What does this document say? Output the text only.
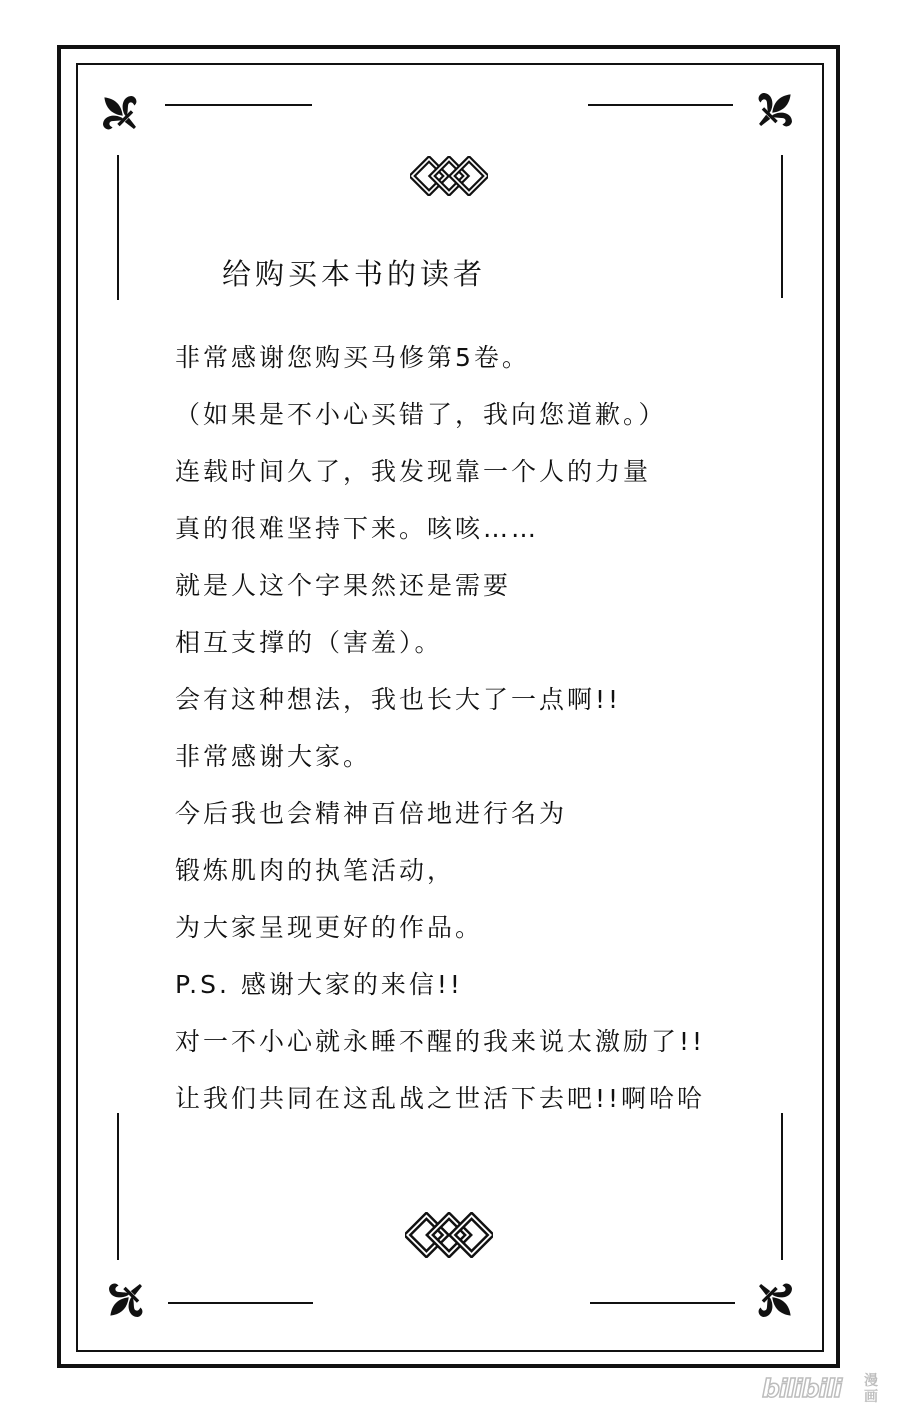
给购买本书的读者
非常感谢您购买马修第5卷。
（如果是不小心买错了，我向您道歉。）
连载时间久了，我发现靠一个人的力量
真的很难坚持下来。咳咳……
就是人这个字果然还是需要
相互支撑的（害羞）。
会有这种想法，我也长大了一点啊!!
非常感谢大家。
今后我也会精神百倍地进行名为
锻炼肌肉的执笔活动，
为大家呈现更好的作品。
P.S. 感谢大家的来信!!
对一不小心就永睡不醒的我来说太激励了!!
让我们共同在这乱战之世活下去吧!!啊哈哈
bilibili 漫
画
